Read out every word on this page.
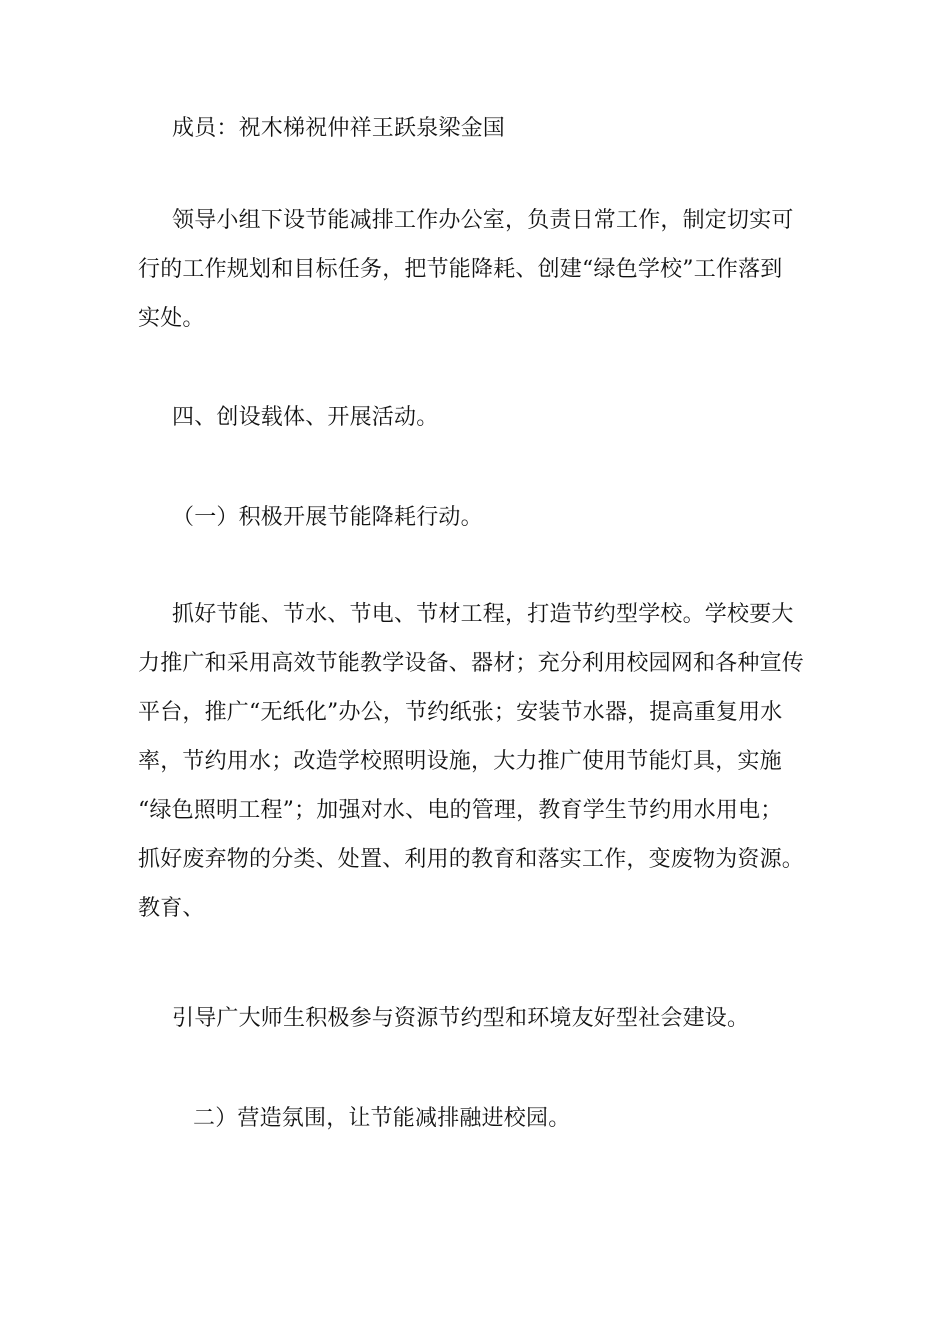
成员：祝木梯祝仲祥王跃泉梁金国

领导小组下设节能减排工作办公室，负责日常工作，制定切实可
行的工作规划和目标任务，把节能降耗、创建“绿色学校”工作落到
实处。

四、创设载体、开展活动。

（一）积极开展节能降耗行动。

抓好节能、节水、节电、节材工程，打造节约型学校。学校要大
力推广和采用高效节能教学设备、器材；充分利用校园网和各种宣传
平台，推广“无纸化”办公，节约纸张；安装节水器，提高重复用水
率，节约用水；改造学校照明设施，大力推广使用节能灯具，实施
“绿色照明工程”；加强对水、电的管理，教育学生节约用水用电；
抓好废弃物的分类、处置、利用的教育和落实工作，变废物为资源。
教育、

引导广大师生积极参与资源节约型和环境友好型社会建设。

二）营造氛围，让节能减排融进校园。
